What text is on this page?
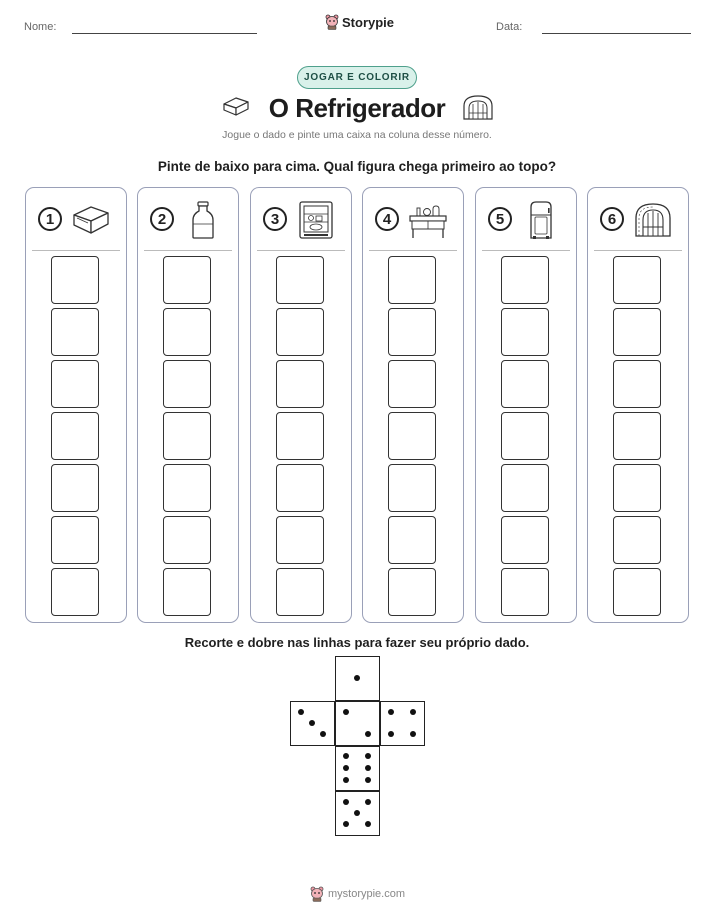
Nome:	Storypie	Data:
JOGAR E COLORIR
O Refrigerador
Jogue o dado e pinte uma caixa na coluna desse número.
Pinte de baixo para cima. Qual figura chega primeiro ao topo?
1	2	3	4	5	6
Recorte e dobre nas linhas para fazer seu próprio dado.
mystorypie.com
